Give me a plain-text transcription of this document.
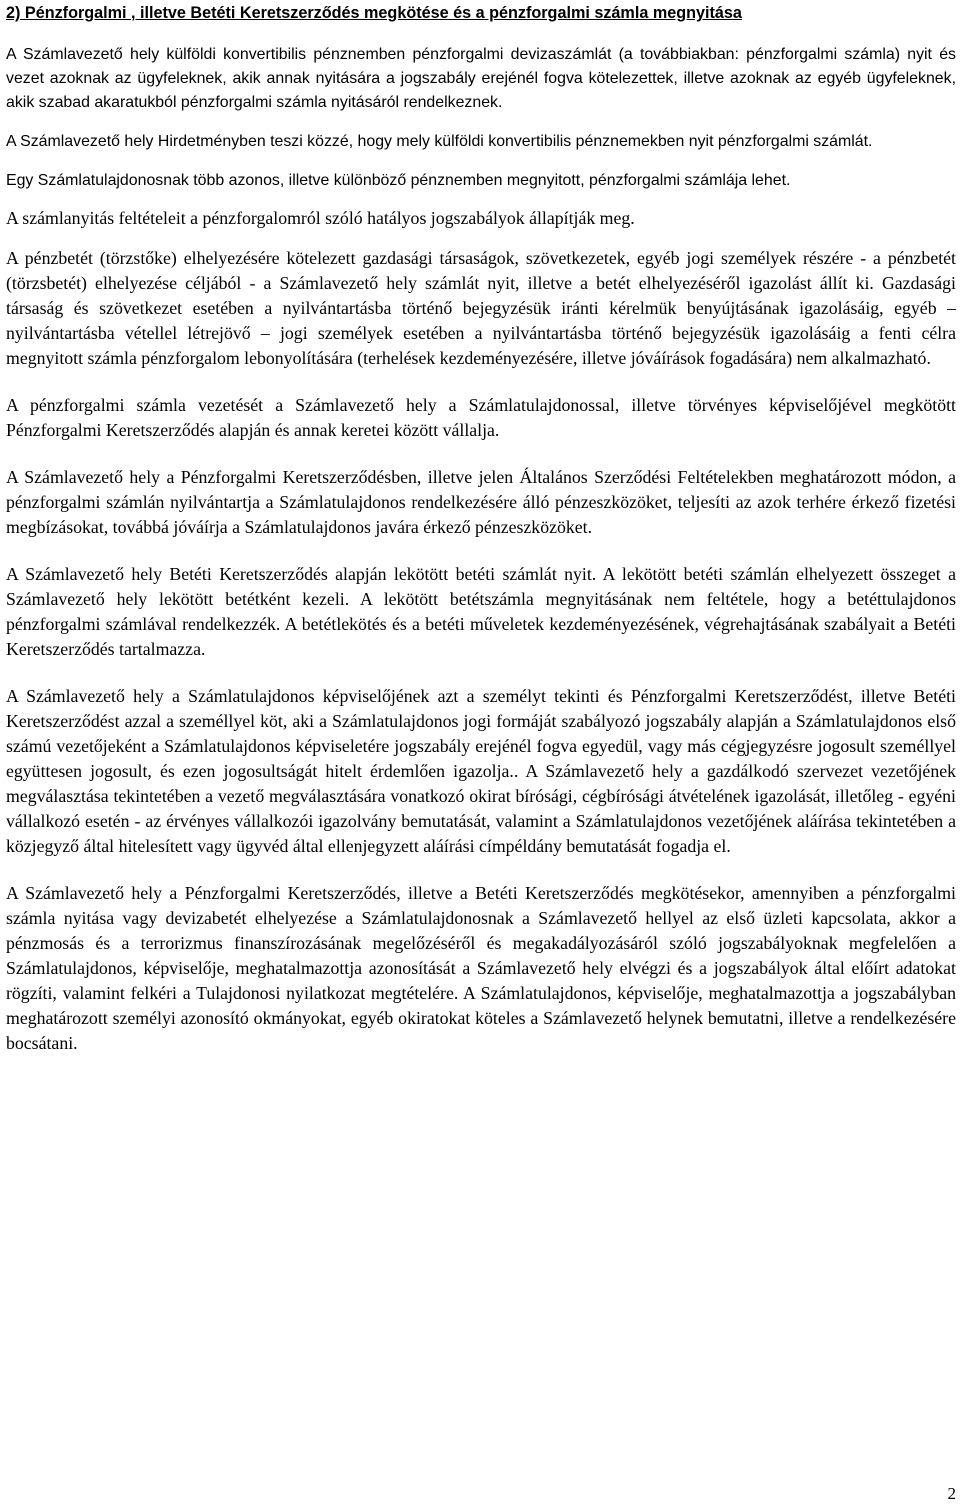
2) Pénzforgalmi , illetve Betéti Keretszerződés megkötése és a pénzforgalmi számla megnyitása

A Számlavezető hely külföldi konvertibilis pénznemben pénzforgalmi devizaszámlát (a továbbiakban: pénzforgalmi számla) nyit és vezet azoknak az ügyfeleknek, akik annak nyitására a jogszabály erejénél fogva kötelezettek, illetve azoknak az egyéb ügyfeleknek, akik szabad akaratukból pénzforgalmi számla nyitásáról rendelkeznek.

A Számlavezető hely Hirdetményben teszi közzé, hogy mely külföldi konvertibilis pénznemekben nyit pénzforgalmi számlát.

Egy Számlatulajdonosnak több azonos, illetve különböző pénznemben megnyitott, pénzforgalmi számlája lehet.

A számlanyitás feltételeit a pénzforgalomról szóló hatályos jogszabályok állapítják meg.

A pénzbetét (törzstőke) elhelyezésére kötelezett gazdasági társaságok, szövetkezetek, egyéb jogi személyek részére - a pénzbetét (törzsbetét) elhelyezése céljából - a Számlavezető hely számlát nyit, illetve a betét elhelyezéséről igazolást állít ki. Gazdasági társaság és szövetkezet esetében a nyilvántartásba történő bejegyzésük iránti kérelmük benyújtásának igazolásáig, egyéb – nyilvántartásba vétellel létrejövő – jogi személyek esetében a nyilvántartásba történő bejegyzésük igazolásáig a fenti célra megnyitott számla pénzforgalom lebonyolítására (terhelések kezdeményezésére, illetve jóváírások fogadására) nem alkalmazható.

A pénzforgalmi számla vezetését a Számlavezető hely a Számlatulajdonossal, illetve törvényes képviselőjével megkötött Pénzforgalmi Keretszerződés alapján és annak keretei között vállalja.

A Számlavezető hely a Pénzforgalmi Keretszerződésben, illetve jelen Általános Szerződési Feltételekben meghatározott módon, a pénzforgalmi számlán nyilvántartja a Számlatulajdonos rendelkezésére álló pénzeszközöket, teljesíti az azok terhére érkező fizetési megbízásokat, továbbá jóváírja a Számlatulajdonos javára érkező pénzeszközöket.

A Számlavezető hely Betéti Keretszerződés alapján lekötött betéti számlát nyit. A lekötött betéti számlán elhelyezett összeget a Számlavezető hely lekötött betétként kezeli. A lekötött betétszámla megnyitásának nem feltétele, hogy a betéttulajdonos pénzforgalmi számlával rendelkezzék. A betétlekötés és a betéti műveletek kezdeményezésének, végrehajtásának szabályait a Betéti Keretszerződés tartalmazza.

A Számlavezető hely a Számlatulajdonos képviselőjének azt a személyt tekinti és Pénzforgalmi Keretszerződést, illetve Betéti Keretszerződést azzal a személlyel köt, aki a Számlatulajdonos jogi formáját szabályozó jogszabály alapján a Számlatulajdonos első számú vezetőjeként a Számlatulajdonos képviseletére jogszabály erejénél fogva egyedül, vagy más cégjegyzésre jogosult személlyel együttesen jogosult, és ezen jogosultságát hitelt érdemlően igazolja.. A Számlavezető hely a gazdálkodó szervezet vezetőjének megválasztása tekintetében a vezető megválasztására vonatkozó okirat bírósági, cégbírósági átvételének igazolását, illetőleg - egyéni vállalkozó esetén - az érvényes vállalkozói igazolvány bemutatását, valamint a Számlatulajdonos vezetőjének aláírása tekintetében a közjegyző által hitelesített vagy ügyvéd által ellenjegyzett aláírási címpéldány bemutatását fogadja el.

A Számlavezető hely a Pénzforgalmi Keretszerződés, illetve a Betéti Keretszerződés megkötésekor, amennyiben a pénzforgalmi számla nyitása vagy devizabetét elhelyezése a Számlatulajdonosnak a Számlavezető hellyel az első üzleti kapcsolata, akkor a pénzmosás és a terrorizmus finanszírozásának megelőzéséről és megakadályozásáról szóló jogszabályoknak megfelelően a Számlatulajdonos, képviselője, meghatalmazottja azonosítását a Számlavezető hely elvégzi és a jogszabályok által előírt adatokat rögzíti, valamint felkéri a Tulajdonosi nyilatkozat megtételére. A Számlatulajdonos, képviselője, meghatalmazottja a jogszabályban meghatározott személyi azonosító okmányokat, egyéb okiratokat köteles a Számlavezető helynek bemutatni, illetve a rendelkezésére bocsátani.

2
